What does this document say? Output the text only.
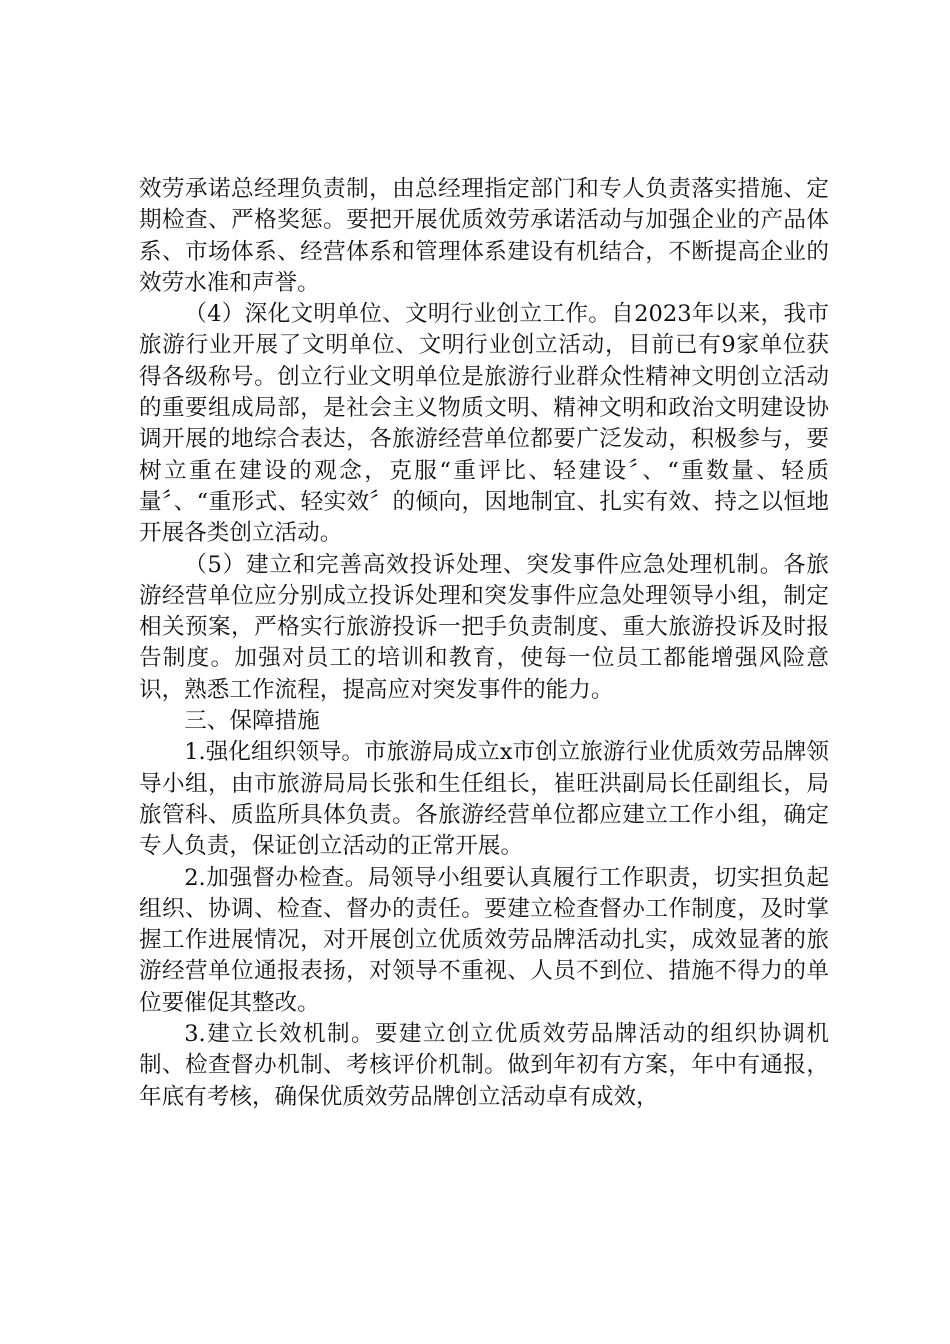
效劳承诺总经理负责制，由总经理指定部门和专人负责落实措施、定期检查、严格奖惩。要把开展优质效劳承诺活动与加强企业的产品体系、市场体系、经营体系和管理体系建设有机结合，不断提高企业的效劳水准和声誉。

（4）深化文明单位、文明行业创立工作。自2023年以来，我市旅游行业开展了文明单位、文明行业创立活动，目前已有9家单位获得各级称号。创立行业文明单位是旅游行业群众性精神文明创立活动的重要组成局部，是社会主义物质文明、精神文明和政治文明建设协调开展的地综合表达，各旅游经营单位都要广泛发动，积极参与，要树立重在建设的观念，克服“重评比、轻建设〞、“重数量、轻质量〞、“重形式、轻实效〞的倾向，因地制宜、扎实有效、持之以恒地开展各类创立活动。

（5）建立和完善高效投诉处理、突发事件应急处理机制。各旅游经营单位应分别成立投诉处理和突发事件应急处理领导小组，制定相关预案，严格实行旅游投诉一把手负责制度、重大旅游投诉及时报告制度。加强对员工的培训和教育，使每一位员工都能增强风险意识，熟悉工作流程，提高应对突发事件的能力。

三、保障措施

1.强化组织领导。市旅游局成立x市创立旅游行业优质效劳品牌领导小组，由市旅游局局长张和生任组长，崔旺洪副局长任副组长，局旅管科、质监所具体负责。各旅游经营单位都应建立工作小组，确定专人负责，保证创立活动的正常开展。

2.加强督办检查。局领导小组要认真履行工作职责，切实担负起组织、协调、检查、督办的责任。要建立检查督办工作制度，及时掌握工作进展情况，对开展创立优质效劳品牌活动扎实，成效显著的旅游经营单位通报表扬，对领导不重视、人员不到位、措施不得力的单位要催促其整改。

3.建立长效机制。要建立创立优质效劳品牌活动的组织协调机制、检查督办机制、考核评价机制。做到年初有方案，年中有通报，年底有考核，确保优质效劳品牌创立活动卓有成效，
